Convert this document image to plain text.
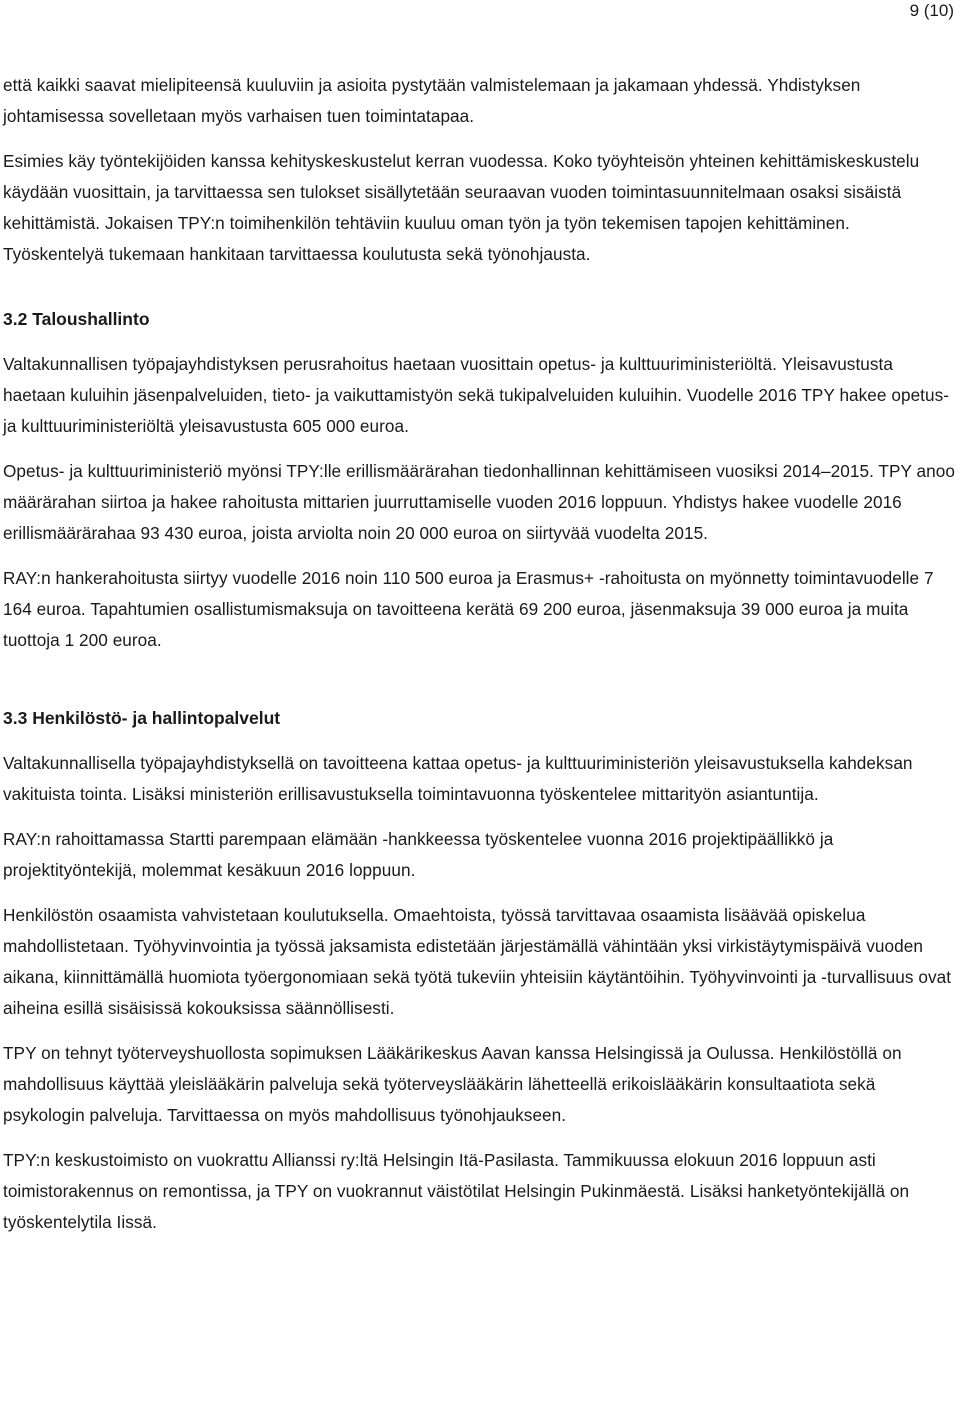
9 (10)

että kaikki saavat mielipiteensä kuuluviin ja asioita pystytään valmistelemaan ja jakamaan yhdessä. Yhdistyksen johtamisessa sovelletaan myös varhaisen tuen toimintatapaa.

Esimies käy työntekijöiden kanssa kehityskeskustelut kerran vuodessa. Koko työyhteisön yhteinen kehittämiskeskustelu käydään vuosittain, ja tarvittaessa sen tulokset sisällytetään seuraavan vuoden toimintasuunnitelmaan osaksi sisäistä kehittämistä. Jokaisen TPY:n toimihenkilön tehtäviin kuuluu oman työn ja työn tekemisen tapojen kehittäminen. Työskentelyä tukemaan hankitaan tarvittaessa koulutusta sekä työnohjausta.

3.2 Taloushallinto

Valtakunnallisen työpajayhdistyksen perusrahoitus haetaan vuosittain opetus- ja kulttuuriministeriöltä. Yleisavustusta haetaan kuluihin jäsenpalveluiden, tieto- ja vaikuttamistyön sekä tukipalveluiden kuluihin. Vuodelle 2016 TPY hakee opetus- ja kulttuuriministeriöltä yleisavustusta 605 000 euroa.

Opetus- ja kulttuuriministeriö myönsi TPY:lle erillismäärärahan tiedonhallinnan kehittämiseen vuosiksi 2014–2015. TPY anoo määrärahan siirtoa ja hakee rahoitusta mittarien juurruttamiselle vuoden 2016 loppuun. Yhdistys hakee vuodelle 2016 erillismäärärahaa 93 430 euroa, joista arviolta noin 20 000 euroa on siirtyvää vuodelta 2015.

RAY:n hankerahoitusta siirtyy vuodelle 2016 noin 110 500 euroa ja Erasmus+ -rahoitusta on myönnetty toimintavuodelle 7 164 euroa. Tapahtumien osallistumismaksuja on tavoitteena kerätä 69 200 euroa, jäsenmaksuja 39 000 euroa ja muita tuottoja 1 200 euroa.

3.3 Henkilöstö- ja hallintopalvelut

Valtakunnallisella työpajayhdistyksellä on tavoitteena kattaa opetus- ja kulttuuriministeriön yleisavustuksella kahdeksan vakituista tointa. Lisäksi ministeriön erillisavustuksella toimintavuonna työskentelee mittarityön asiantuntija.

RAY:n rahoittamassa Startti parempaan elämään -hankkeessa työskentelee vuonna 2016 projektipäällikkö ja projektityöntekijä, molemmat kesäkuun 2016 loppuun.

Henkilöstön osaamista vahvistetaan koulutuksella. Omaehtoista, työssä tarvittavaa osaamista lisäävää opiskelua mahdollistetaan. Työhyvinvointia ja työssä jaksamista edistetään järjestämällä vähintään yksi virkistäytymispäivä vuoden aikana, kiinnittämällä huomiota työergonomiaan sekä työtä tukeviin yhteisiin käytäntöihin. Työhyvinvointi ja -turvallisuus ovat aiheina esillä sisäisissä kokouksissa säännöllisesti.

TPY on tehnyt työterveyshuollosta sopimuksen Lääkärikeskus Aavan kanssa Helsingissä ja Oulussa. Henkilöstöllä on mahdollisuus käyttää yleislääkärin palveluja sekä työterveyslääkärin lähetteellä erikoislääkärin konsultaatiota sekä psykologin palveluja. Tarvittaessa on myös mahdollisuus työnohjaukseen.

TPY:n keskustoimisto on vuokrattu Allianssi ry:ltä Helsingin Itä-Pasilasta. Tammikuussa elokuun 2016 loppuun asti toimistorakennus on remontissa, ja TPY on vuokrannut väistötilat Helsingin Pukinmäestä. Lisäksi hanketyöntekijällä on työskentelytila Iissä.
